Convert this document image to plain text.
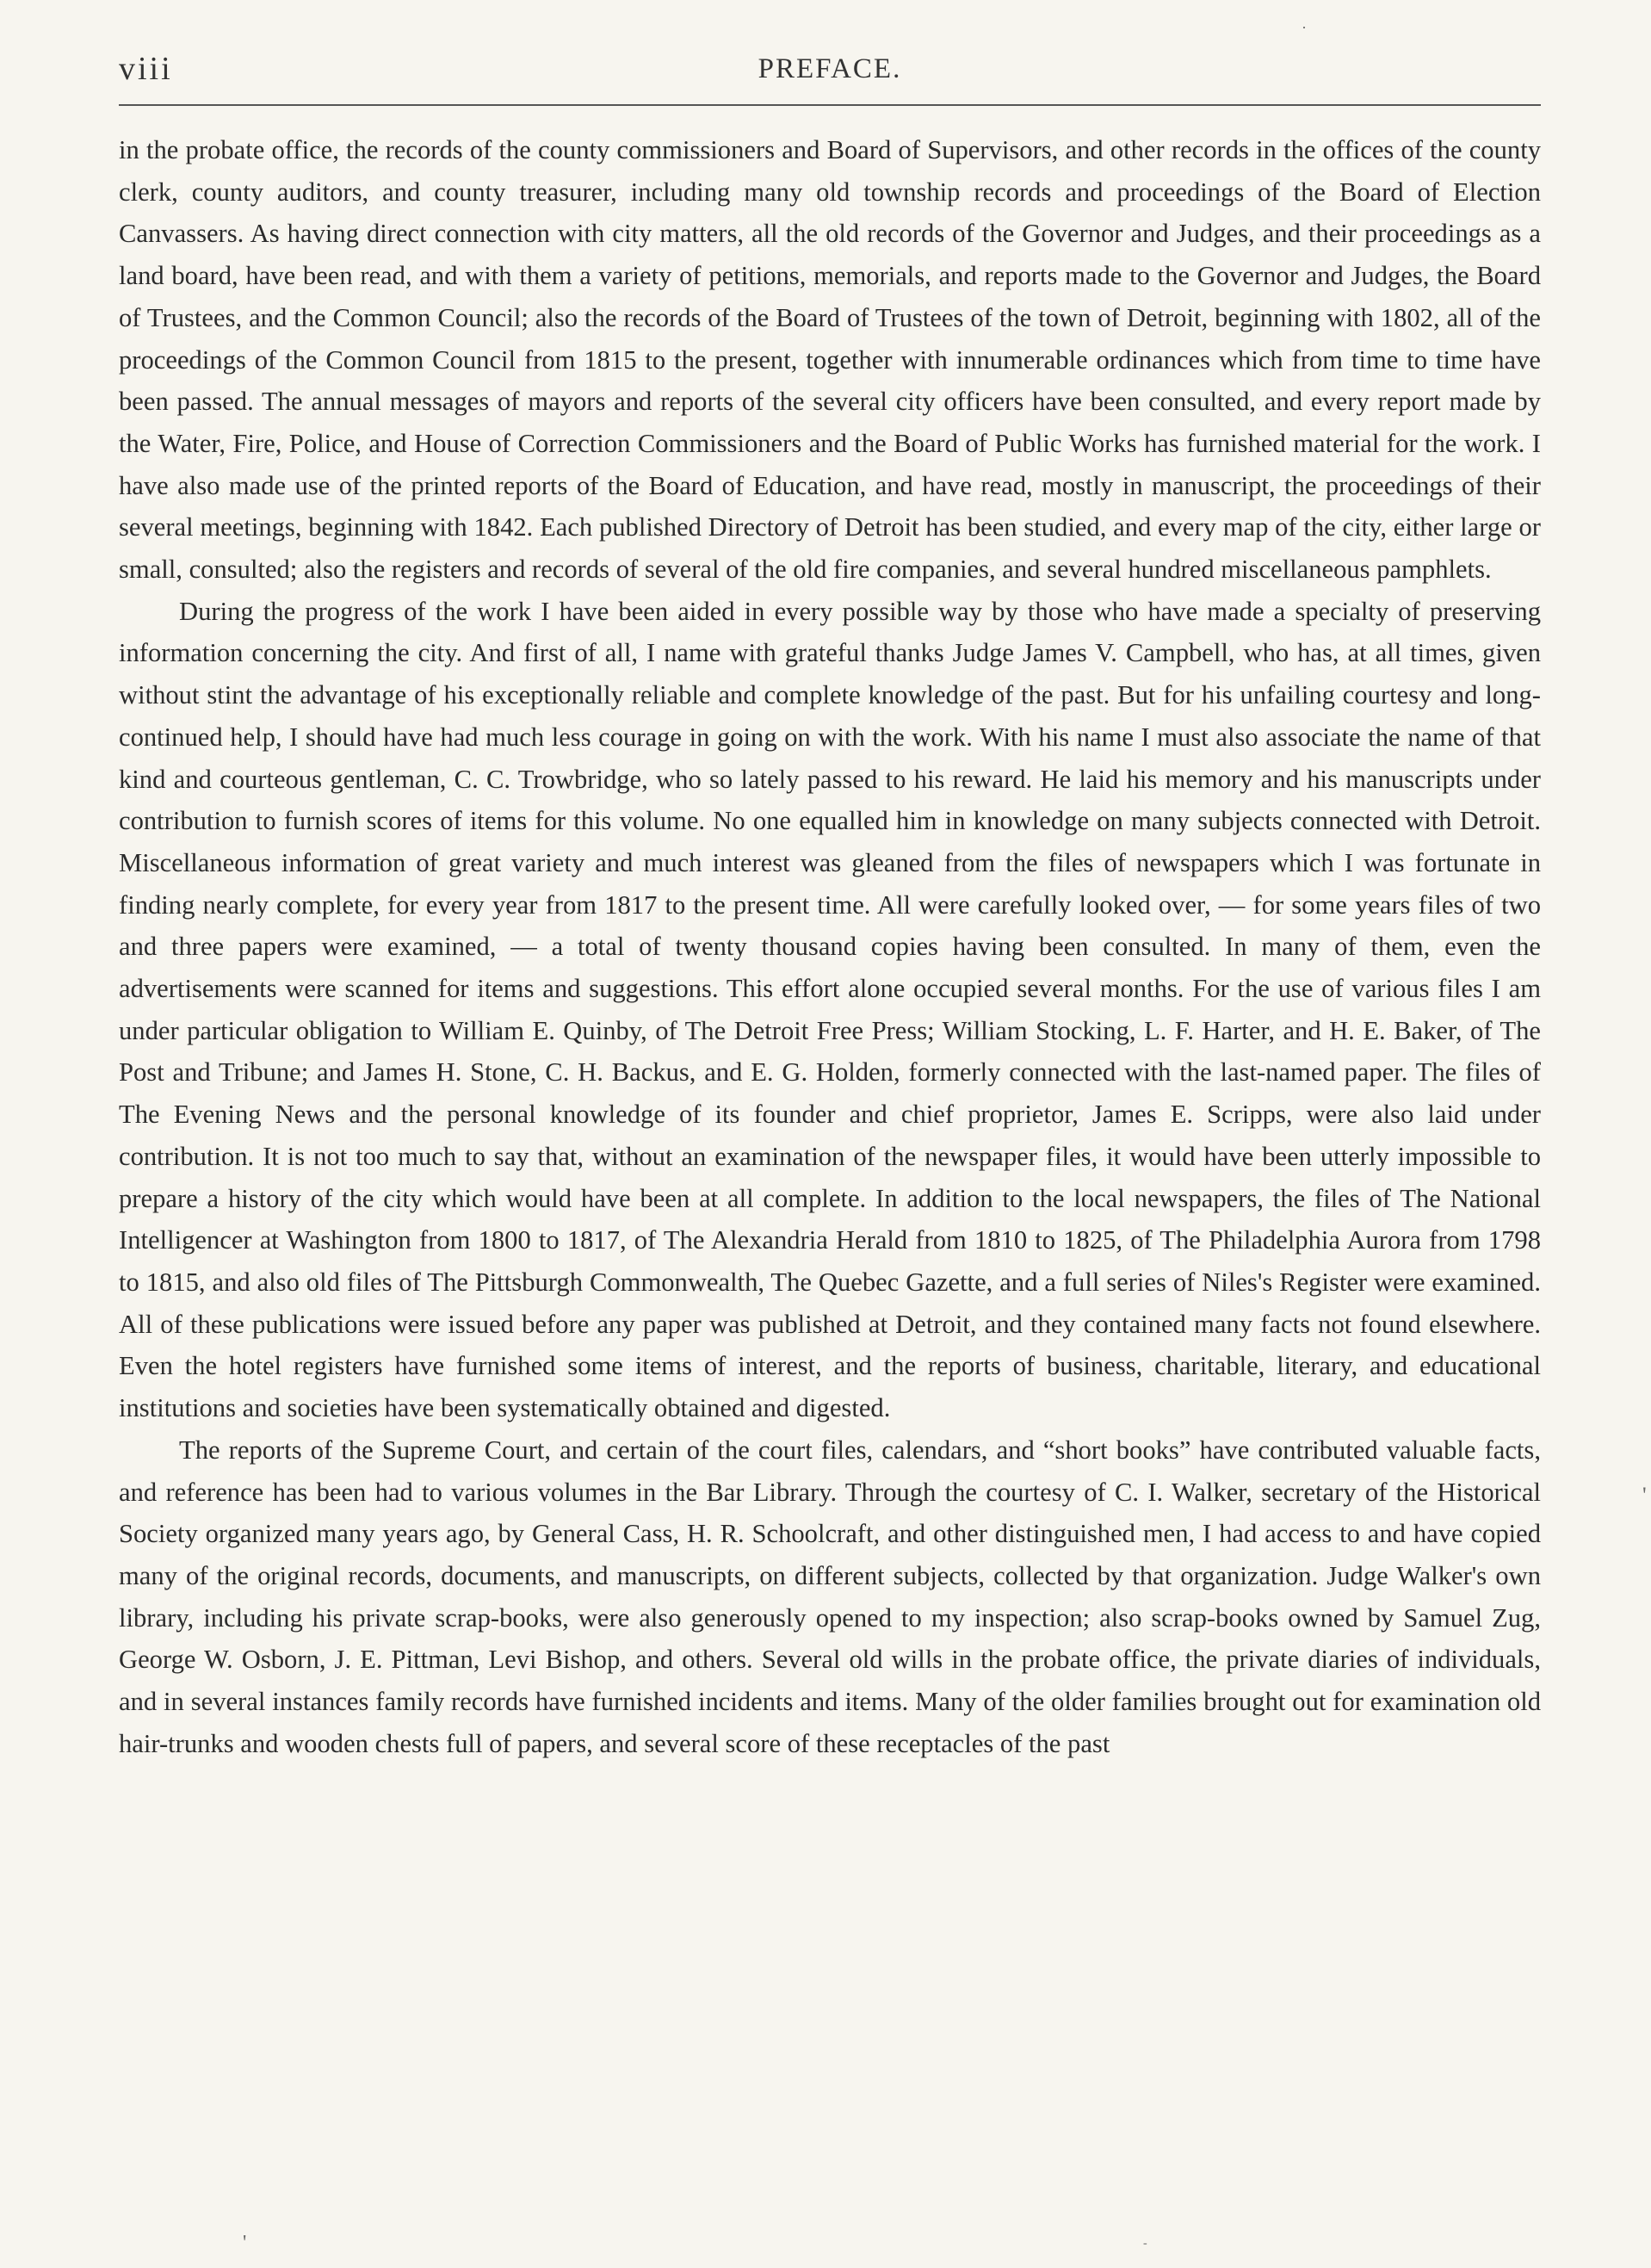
viii	PREFACE.

in the probate office, the records of the county commissioners and Board of Supervisors, and other records in the offices of the county clerk, county auditors, and county treasurer, including many old township records and proceedings of the Board of Election Canvassers. As having direct connection with city matters, all the old records of the Governor and Judges, and their proceedings as a land board, have been read, and with them a variety of petitions, memorials, and reports made to the Governor and Judges, the Board of Trustees, and the Common Council; also the records of the Board of Trustees of the town of Detroit, beginning with 1802, all of the proceedings of the Common Council from 1815 to the present, together with innumerable ordinances which from time to time have been passed. The annual messages of mayors and reports of the several city officers have been consulted, and every report made by the Water, Fire, Police, and House of Correction Commissioners and the Board of Public Works has furnished material for the work. I have also made use of the printed reports of the Board of Education, and have read, mostly in manuscript, the proceedings of their several meetings, beginning with 1842. Each published Directory of Detroit has been studied, and every map of the city, either large or small, consulted; also the registers and records of several of the old fire companies, and several hundred miscellaneous pamphlets.

During the progress of the work I have been aided in every possible way by those who have made a specialty of preserving information concerning the city. And first of all, I name with grateful thanks Judge James V. Campbell, who has, at all times, given without stint the advantage of his exceptionally reliable and complete knowledge of the past. But for his unfailing courtesy and long-continued help, I should have had much less courage in going on with the work. With his name I must also associate the name of that kind and courteous gentleman, C. C. Trowbridge, who so lately passed to his reward. He laid his memory and his manuscripts under contribution to furnish scores of items for this volume. No one equalled him in knowledge on many subjects connected with Detroit. Miscellaneous information of great variety and much interest was gleaned from the files of newspapers which I was fortunate in finding nearly complete, for every year from 1817 to the present time. All were carefully looked over, — for some years files of two and three papers were examined, — a total of twenty thousand copies having been consulted. In many of them, even the advertisements were scanned for items and suggestions. This effort alone occupied several months. For the use of various files I am under particular obligation to William E. Quinby, of The Detroit Free Press; William Stocking, L. F. Harter, and H. E. Baker, of The Post and Tribune; and James H. Stone, C. H. Backus, and E. G. Holden, formerly connected with the last-named paper. The files of The Evening News and the personal knowledge of its founder and chief proprietor, James E. Scripps, were also laid under contribution. It is not too much to say that, without an examination of the newspaper files, it would have been utterly impossible to prepare a history of the city which would have been at all complete. In addition to the local newspapers, the files of The National Intelligencer at Washington from 1800 to 1817, of The Alexandria Herald from 1810 to 1825, of The Philadelphia Aurora from 1798 to 1815, and also old files of The Pittsburgh Commonwealth, The Quebec Gazette, and a full series of Niles's Register were examined. All of these publications were issued before any paper was published at Detroit, and they contained many facts not found elsewhere. Even the hotel registers have furnished some items of interest, and the reports of business, charitable, literary, and educational institutions and societies have been systematically obtained and digested.

The reports of the Supreme Court, and certain of the court files, calendars, and “short books” have contributed valuable facts, and reference has been had to various volumes in the Bar Library. Through the courtesy of C. I. Walker, secretary of the Historical Society organized many years ago, by General Cass, H. R. Schoolcraft, and other distinguished men, I had access to and have copied many of the original records, documents, and manuscripts, on different subjects, collected by that organization. Judge Walker's own library, including his private scrap-books, were also generously opened to my inspection; also scrap-books owned by Samuel Zug, George W. Osborn, J. E. Pittman, Levi Bishop, and others. Several old wills in the probate office, the private diaries of individuals, and in several instances family records have furnished incidents and items. Many of the older families brought out for examination old hair-trunks and wooden chests full of papers, and several score of these receptacles of the past

·
'
'	-
